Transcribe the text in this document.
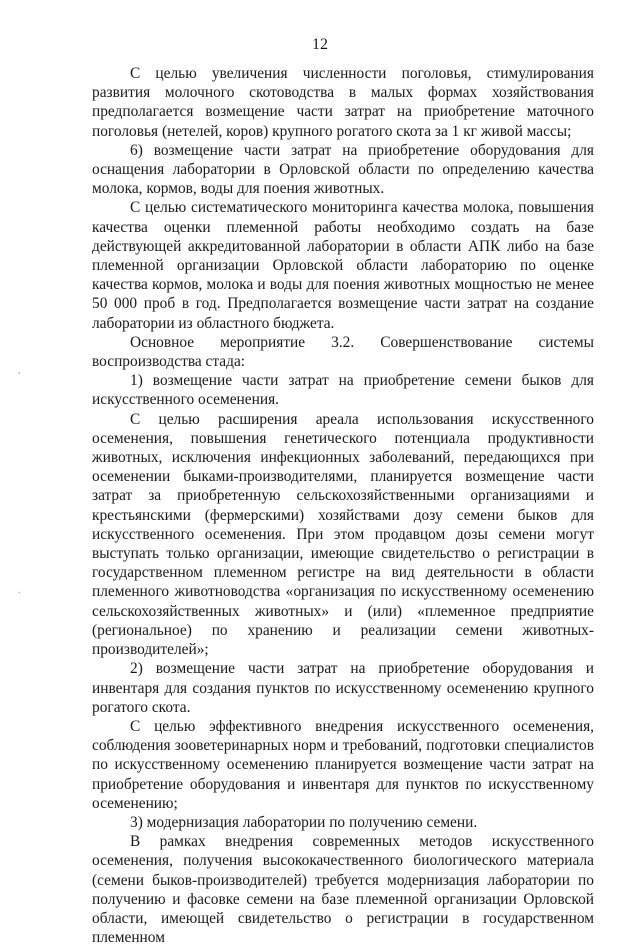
12
,
.

С целью увеличения численности поголовья, стимулирования развития молочного скотоводства в малых формах хозяйствования предполагается возмещение части затрат на приобретение маточного поголовья (нетелей, коров) крупного рогатого скота за 1 кг живой массы;

6) возмещение части затрат на приобретение оборудования для оснащения лаборатории в Орловской области по определению качества молока, кормов, воды для поения животных.

С целью систематического мониторинга качества молока, повышения качества оценки племенной работы необходимо создать на базе действующей аккредитованной лаборатории в области АПК либо на базе племенной организации Орловской области лабораторию по оценке качества кормов, молока и воды для поения животных мощностью не менее 50 000 проб в год. Предполагается возмещение части затрат на создание лаборатории из областного бюджета.

Основное мероприятие 3.2. Совершенствование системы воспроизводства стада:

1) возмещение части затрат на приобретение семени быков для искусственного осеменения.

С целью расширения ареала использования искусственного осеменения, повышения генетического потенциала продуктивности животных, исключения инфекционных заболеваний, передающихся при осеменении быками-производителями, планируется возмещение части затрат за приобретенную сельскохозяйственными организациями и крестьянскими (фермерскими) хозяйствами дозу семени быков для искусственного осеменения. При этом продавцом дозы семени могут выступать только организации, имеющие свидетельство о регистрации в государственном племенном регистре на вид деятельности в области племенного животноводства «организация по искусственному осеменению сельскохозяйственных животных» и (или) «племенное предприятие (региональное) по хранению и реализации семени животных-производителей»;

2) возмещение части затрат на приобретение оборудования и инвентаря для создания пунктов по искусственному осеменению крупного рогатого скота.

С целью эффективного внедрения искусственного осеменения, соблюдения зооветеринарных норм и требований, подготовки специалистов по искусственному осеменению планируется возмещение части затрат на приобретение оборудования и инвентаря для пунктов по искусственному осеменению;

3) модернизация лаборатории по получению семени.

В рамках внедрения современных методов искусственного осеменения, получения высококачественного биологического материала (семени быков-производителей) требуется модернизация лаборатории по получению и фасовке семени на базе племенной организации Орловской области, имеющей свидетельство о регистрации в государственном племенном
